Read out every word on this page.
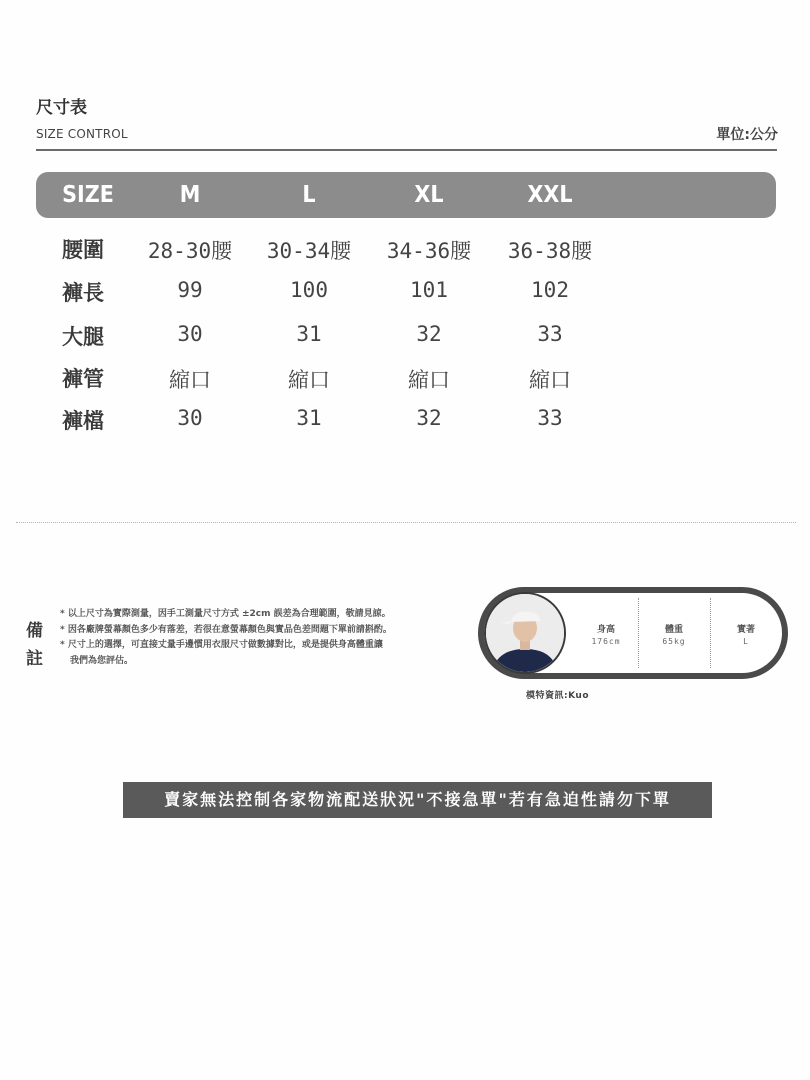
尺寸表
SIZE CONTROL	單位:公分
SIZE	M	L	XL	XXL
腰圍	28-30腰	30-34腰	34-36腰	36-38腰
褲長	99	100	101	102
大腿	30	31	32	33
褲管	縮口	縮口	縮口	縮口
褲檔	30	31	32	33
備
註
* 以上尺寸為實際測量，因手工測量尺寸方式 ±2cm 誤差為合理範圍，敬請見諒。
* 因各廠牌螢幕顏色多少有落差，若很在意螢幕顏色與實品色差問題下單前請斟酌。
* 尺寸上的選擇，可直接丈量手邊慣用衣服尺寸做數據對比，或是提供身高體重讓
我們為您評估。
身高
176cm
體重
65kg
實著
L
模特資訊:Kuo
賣家無法控制各家物流配送狀況"不接急單"若有急迫性請勿下單
